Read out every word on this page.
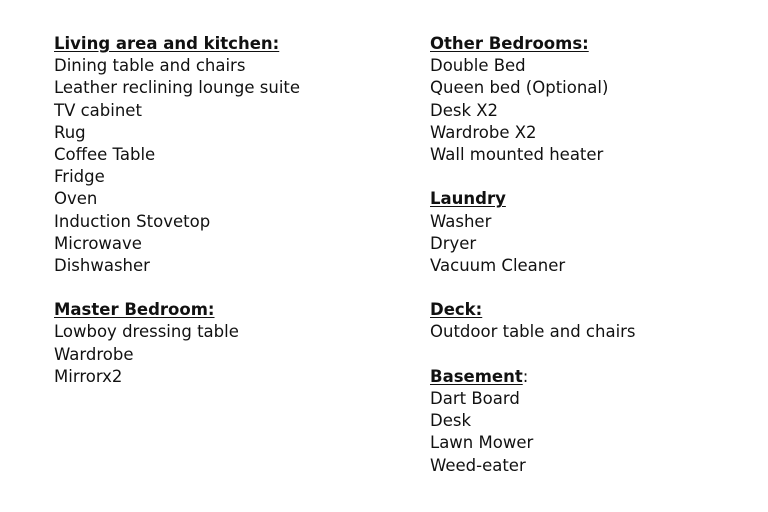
Living area and kitchen:
Dining table and chairs
Leather reclining lounge suite
TV cabinet
Rug
Coffee Table
Fridge
Oven
Induction Stovetop
Microwave
Dishwasher
Master Bedroom:
Lowboy dressing table
Wardrobe
Mirrorx2
Other Bedrooms:
Double Bed
Queen bed (Optional)
Desk X2
Wardrobe X2
Wall mounted heater
Laundry
Washer
Dryer
Vacuum Cleaner
Deck:
Outdoor table and chairs
Basement:
Dart Board
Desk
Lawn Mower
Weed-eater
